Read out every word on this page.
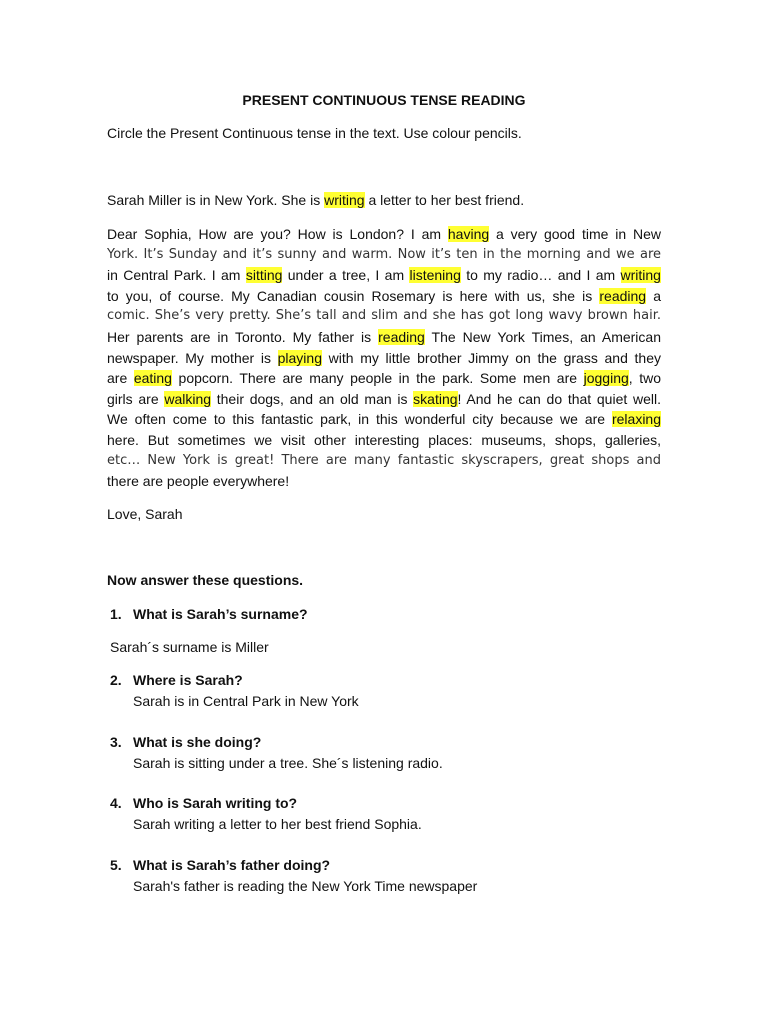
PRESENT CONTINUOUS TENSE READING
Circle the Present Continuous tense in the text. Use colour pencils.
Sarah Miller is in New York. She is writing a letter to her best friend.
Dear Sophia, How are you? How is London? I am having a very good time in New
York. It’s Sunday and it’s sunny and warm. Now it’s ten in the morning and we are
in Central Park. I am sitting under a tree, I am listening to my radio… and I am writing
to you, of course. My Canadian cousin Rosemary is here with us, she is reading a
comic. She’s very pretty. She’s tall and slim and she has got long wavy brown hair.
Her parents are in Toronto. My father is reading The New York Times, an American
newspaper. My mother is playing with my little brother Jimmy on the grass and they
are eating popcorn. There are many people in the park. Some men are jogging, two
girls are walking their dogs, and an old man is skating! And he can do that quiet well.
We often come to this fantastic park, in this wonderful city because we are relaxing
here. But sometimes we visit other interesting places: museums, shops, galleries,
etc… New York is great! There are many fantastic skyscrapers, great shops and
there are people everywhere!
Love, Sarah
Now answer these questions.
1. What is Sarah’s surname?
Sarah´s surname is Miller
2. Where is Sarah?
Sarah is in Central Park in New York
3. What is she doing?
Sarah is sitting under a tree. She´s listening radio.
4. Who is Sarah writing to?
Sarah writing a letter to her best friend Sophia.
5. What is Sarah’s father doing?
Sarah's father is reading the New York Time newspaper
